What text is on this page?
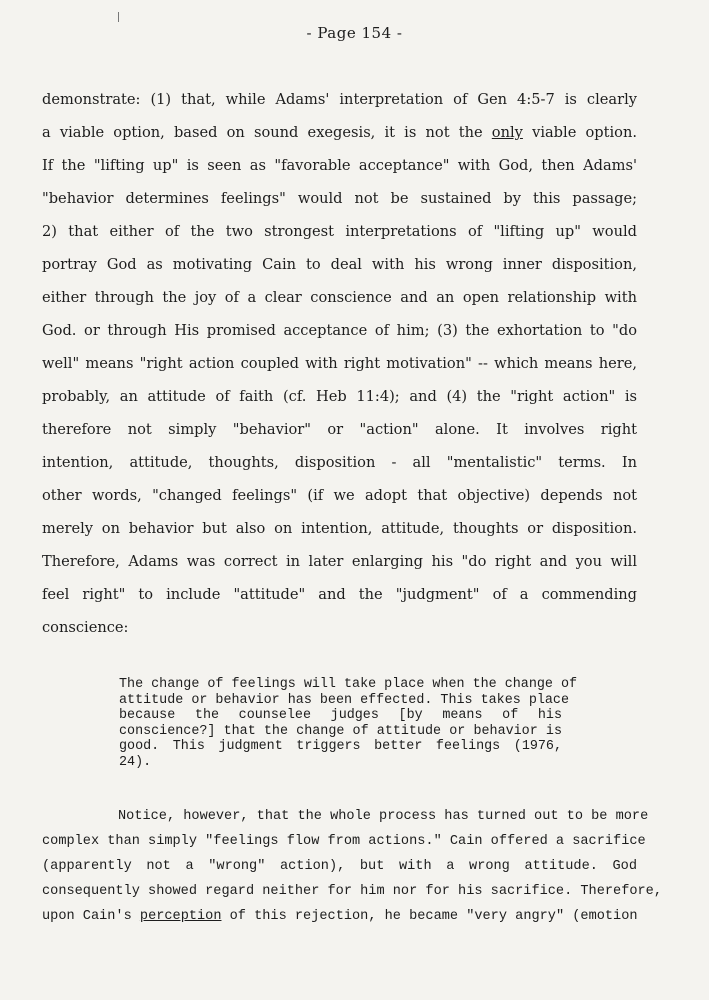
- Page 154 -
demonstrate: (1) that, while Adams' interpretation of Gen 4:5-7 is clearly
a viable option, based on sound exegesis, it is not the only viable option.
If the "lifting up" is seen as "favorable acceptance" with God, then Adams'
"behavior determines feelings" would not be sustained by this passage;
2) that either of the two strongest interpretations of "lifting up" would
portray God as motivating Cain to deal with his wrong inner disposition,
either through the joy of a clear conscience and an open relationship with
God. or through His promised acceptance of him; (3) the exhortation to "do
well" means "right action coupled with right motivation" -- which means here,
probably, an attitude of faith (cf. Heb 11:4); and (4) the "right action" is
therefore not simply "behavior" or "action" alone. It involves right
intention, attitude, thoughts, disposition - all "mentalistic" terms. In
other words, "changed feelings" (if we adopt that objective) depends not
merely on behavior but also on intention, attitude, thoughts or disposition.
Therefore, Adams was correct in later enlarging his "do right and you will
feel right" to include "attitude" and the "judgment" of a commending
conscience:
The change of feelings will take place when the change of
attitude or behavior has been effected. This takes place
because the counselee judges [by means of his
conscience?] that the change of attitude or behavior is
good. This judgment triggers better feelings (1976,
24).
Notice, however, that the whole process has turned out to be more
complex than simply "feelings flow from actions." Cain offered a sacrifice
(apparently not a "wrong" action), but with a wrong attitude. God
consequently showed regard neither for him nor for his sacrifice. Therefore,
upon Cain's perception of this rejection, he became "very angry" (emotion
